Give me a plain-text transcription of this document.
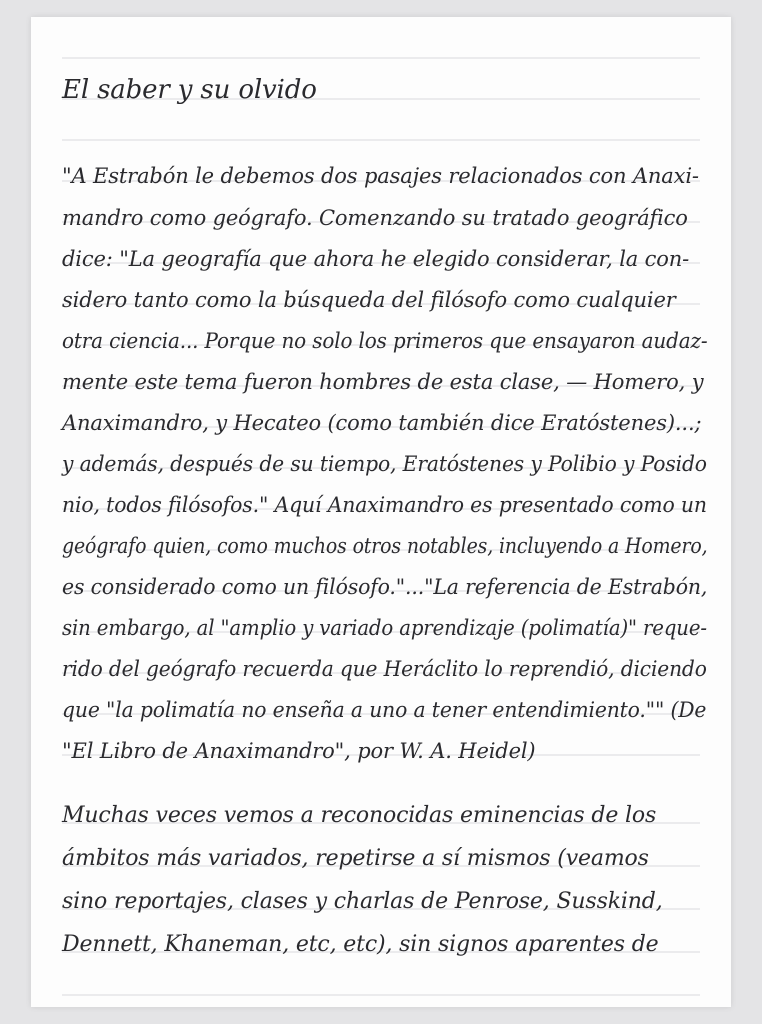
El saber y su olvido
"A Estrabón le debemos dos pasajes relacionados con Anaxi-
mandro como geógrafo. Comenzando su tratado geográfico
dice: "La geografía que ahora he elegido considerar, la con-
sidero tanto como la búsqueda del filósofo como cualquier
otra ciencia... Porque no solo los primeros que ensayaron audaz-
mente este tema fueron hombres de esta clase, — Homero, y
Anaximandro, y Hecateo (como también dice Eratóstenes)...;
y además, después de su tiempo, Eratóstenes y Polibio y Posido
nio, todos filósofos." Aquí Anaximandro es presentado como un
geógrafo quien, como muchos otros notables, incluyendo a Homero,
es considerado como un filósofo."..."La referencia de Estrabón,
sin embargo, al "amplio y variado aprendizaje (polimatía)" reque-
rido del geógrafo recuerda que Heráclito lo reprendió, diciendo
que "la polimatía no enseña a uno a tener entendimiento."" (De
"El Libro de Anaximandro", por W. A. Heidel)
Muchas veces vemos a reconocidas eminencias de los
ámbitos más variados, repetirse a sí mismos (veamos
sino reportajes, clases y charlas de Penrose, Susskind,
Dennett, Khaneman, etc, etc), sin signos aparentes de
